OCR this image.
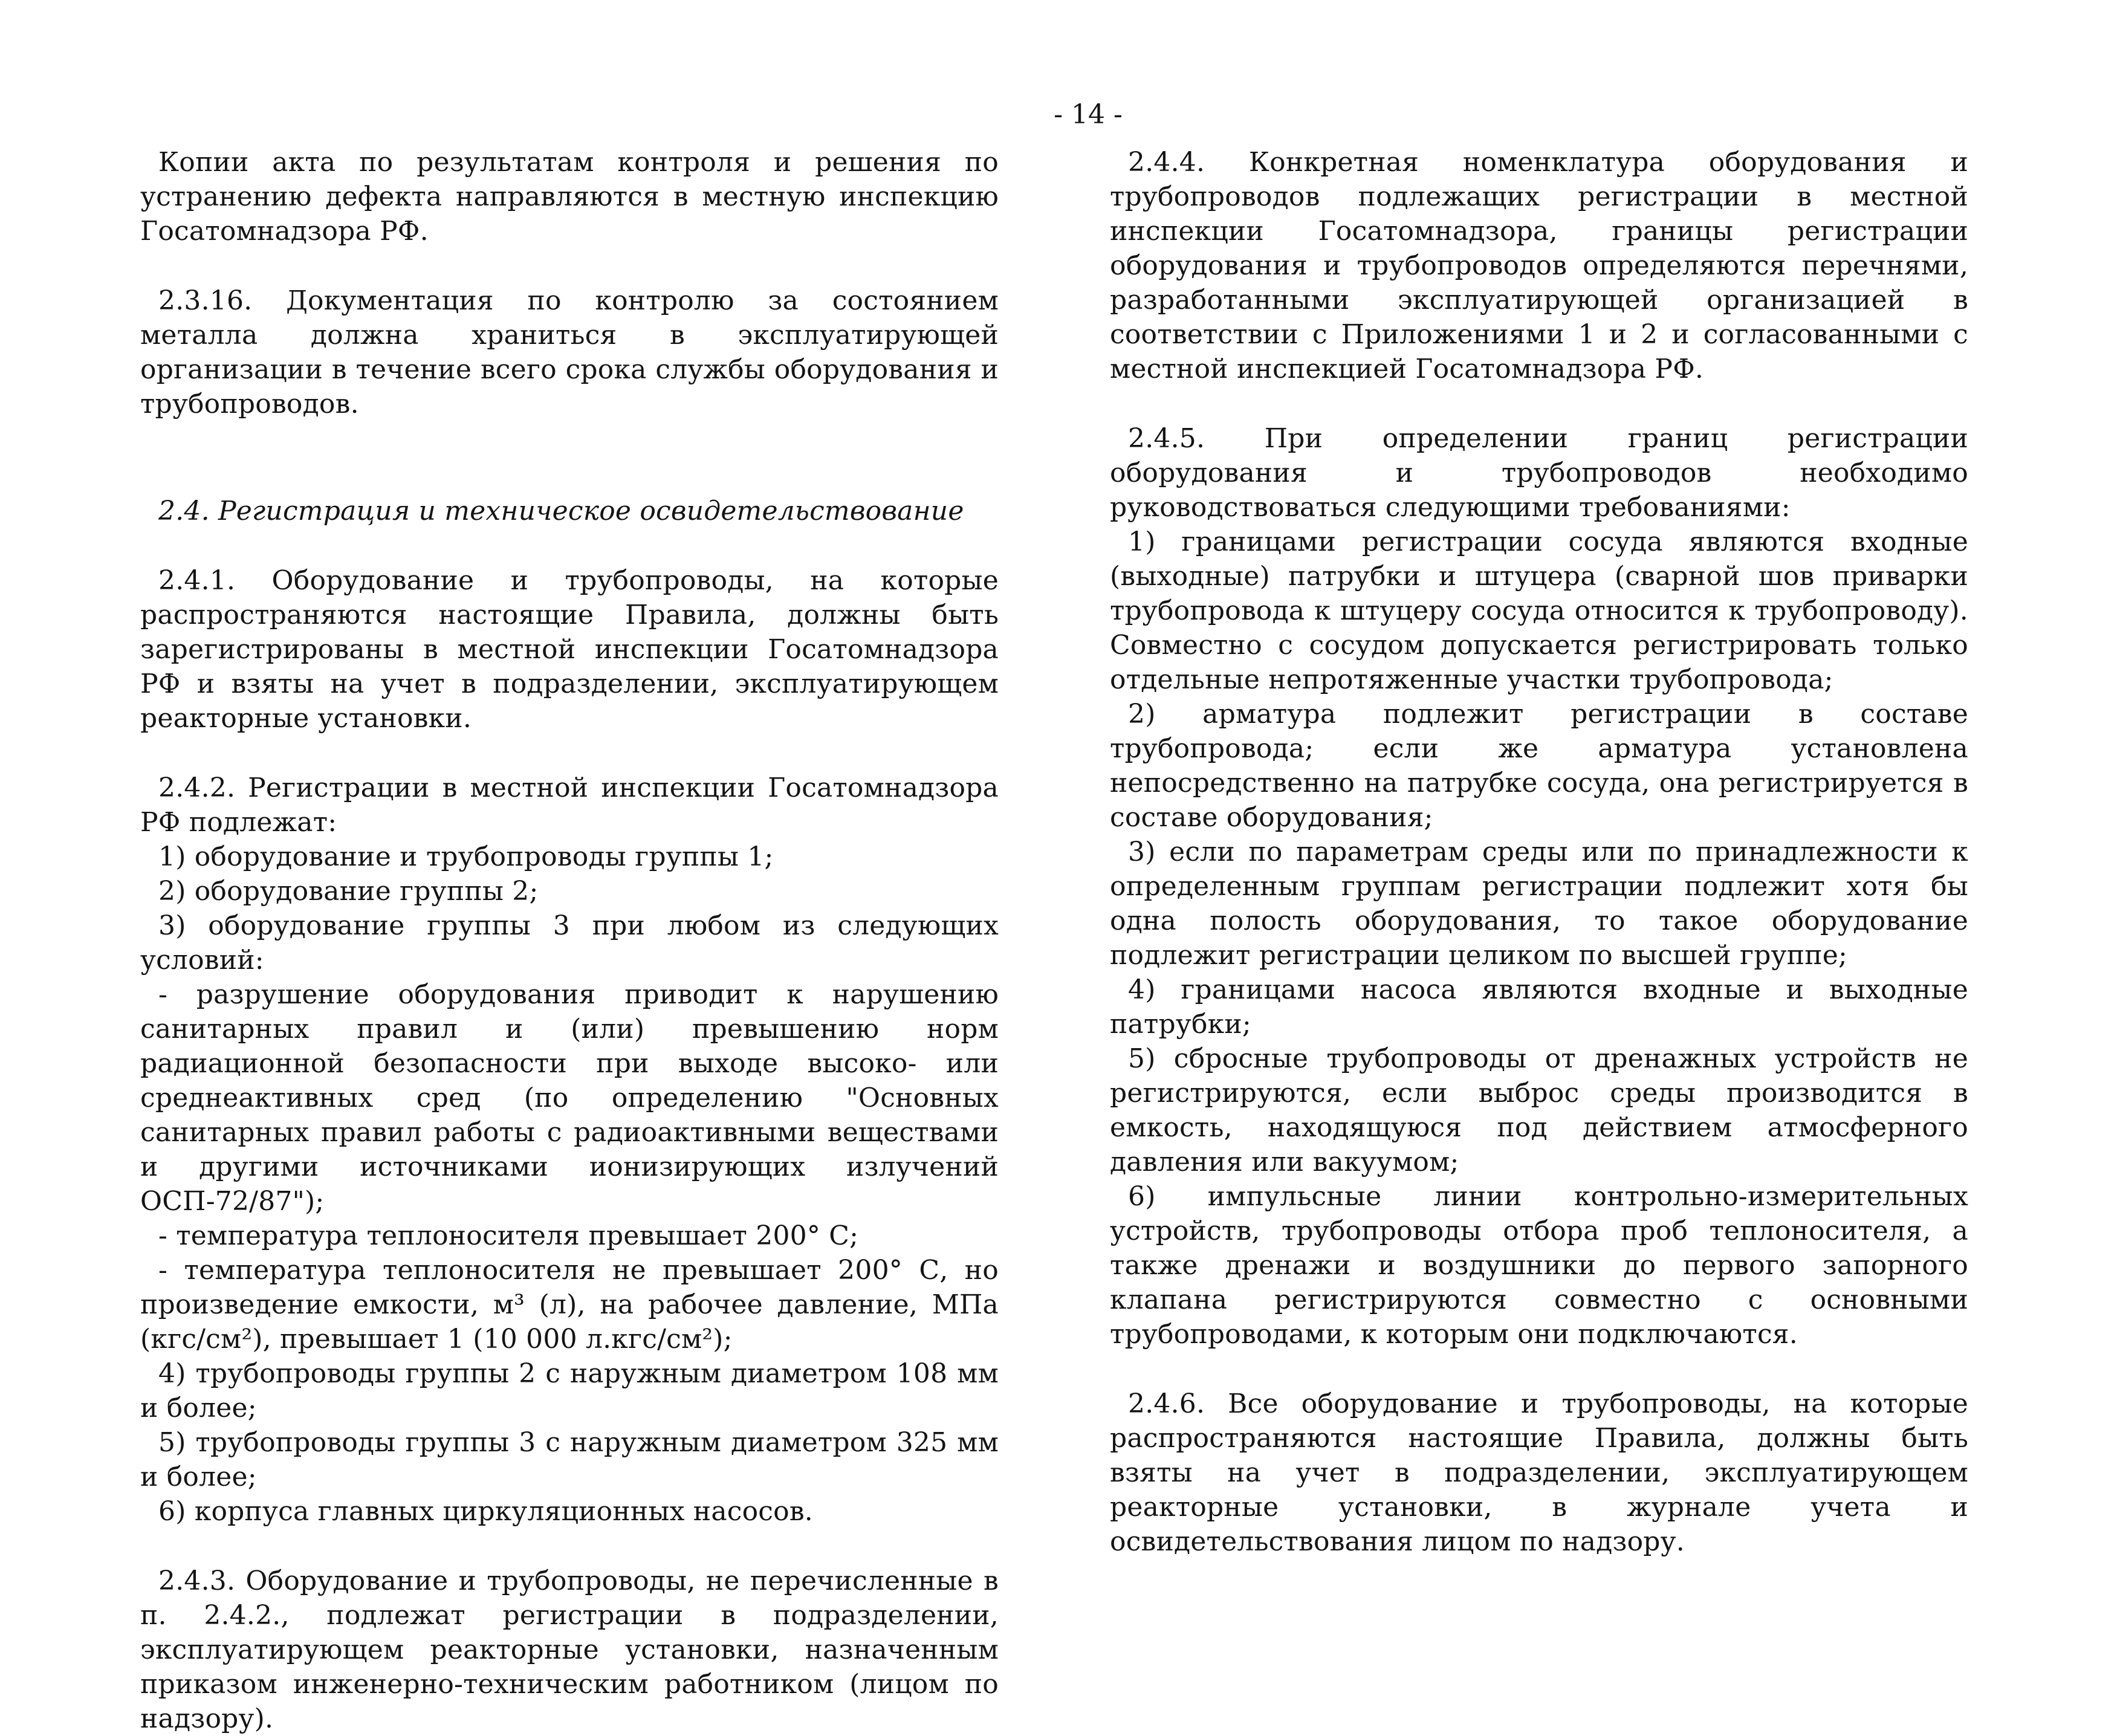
- 14 -

Копии акта по результатам контроля и решения по устранению дефекта направляются в местную инспекцию Госатомнадзора РФ.

2.3.16. Документация по контролю за состоянием металла должна храниться в эксплуатирующей организации в течение всего срока службы оборудования и трубопроводов.

2.4. Регистрация и техническое освидетельствование

2.4.1. Оборудование и трубопроводы, на которые распространяются настоящие Правила, должны быть зарегистрированы в местной инспекции Госатомнадзора РФ и взяты на учет в подразделении, эксплуатирующем реакторные установки.

2.4.2. Регистрации в местной инспекции Госатомнадзора РФ подлежат:

1) оборудование и трубопроводы группы 1;

2) оборудование группы 2;

3) оборудование группы 3 при любом из следующих условий:

- разрушение оборудования приводит к нарушению санитарных правил и (или) превышению норм радиационной безопасности при выходе высоко- или среднеактивных сред (по определению "Основных санитарных правил работы с радиоактивными веществами и другими источниками ионизирующих излучений ОСП-72/87");

- температура теплоносителя превышает 200° С;

- температура теплоносителя не превышает 200° С, но произведение емкости, м³ (л), на рабочее давление, МПа (кгс/см²), превышает 1 (10 000 л.кгс/см²);

4) трубопроводы группы 2 с наружным диаметром 108 мм и более;

5) трубопроводы группы 3 с наружным диаметром 325 мм и более;

6) корпуса главных циркуляционных насосов.

2.4.3. Оборудование и трубопроводы, не перечисленные в п. 2.4.2., подлежат регистрации в подразделении, эксплуатирующем реакторные установки, назначенным приказом инженерно-техническим работником (лицом по надзору).

2.4.4. Конкретная номенклатура оборудования и трубопроводов подлежащих регистрации в местной инспекции Госатомнадзора, границы регистрации оборудования и трубопроводов определяются перечнями, разработанными эксплуатирующей организацией в соответствии с Приложениями 1 и 2 и согласованными с местной инспекцией Госатомнадзора РФ.

2.4.5. При определении границ регистрации оборудования и трубопроводов необходимо руководствоваться следующими требованиями:

1) границами регистрации сосуда являются входные (выходные) патрубки и штуцера (сварной шов приварки трубопровода к штуцеру сосуда относится к трубопроводу). Совместно с сосудом допускается регистрировать только отдельные непротяженные участки трубопровода;

2) арматура подлежит регистрации в составе трубопровода; если же арматура установлена непосредственно на патрубке сосуда, она регистрируется в составе оборудования;

3) если по параметрам среды или по принадлежности к определенным группам регистрации подлежит хотя бы одна полость оборудования, то такое оборудование подлежит регистрации целиком по высшей группе;

4) границами насоса являются входные и выходные патрубки;

5) сбросные трубопроводы от дренажных устройств не регистрируются, если выброс среды производится в емкость, находящуюся под действием атмосферного давления или вакуумом;

6) импульсные линии контрольно-измерительных устройств, трубопроводы отбора проб теплоносителя, а также дренажи и воздушники до первого запорного клапана регистрируются совместно с основными трубопроводами, к которым они подключаются.

2.4.6. Все оборудование и трубопроводы, на которые распространяются настоящие Правила, должны быть взяты на учет в подразделении, эксплуатирующем реакторные установки, в журнале учета и освидетельствования лицом по надзору.
